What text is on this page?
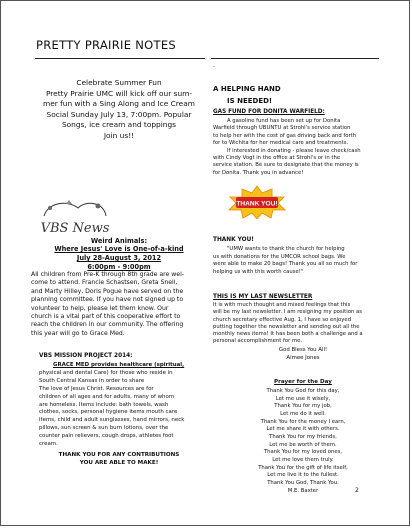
PRETTY PRAIRIE NOTES
Celebrate Summer Fun
Pretty Prairie UMC will kick off our sum-
mer fun with a Sing Along and Ice Cream
Social Sunday July 13, 7:00pm. Popular
Songs, ice cream and toppings
Join us!!
VBS News
Weird Animals:
Where Jesus' Love is One-of-a-kind
July 28-August 3, 2012
6:00pm - 9:00pm
All children from Pre-K through 8th grade are wel-
come to attend. Francie Schastsen, Greta Snell,
and Marty Hilley, Doris Pogue have served on the
planning committee. If you have not signed up to
volunteer to help, please let them know. Our
church is a vital part of this cooperative effort to
reach the children in our community. The offering
this year will go to Grace Med.
VBS MISSION PROJECT 2014:
GRACE MED provides healthcare (spiritual,
physical and dental Care) for those who reside in
South Central Kansas in order to share
The love of Jesus Christ. Resources are for
children of all ages and for adults, many of whom
are homeless. Items include: bath towels, wash
clothes, socks, personal hygiene items mouth care
items, child and adult sunglasses, hand mirrors, neck
pillows, sun screen & sun burn lotions, over the
counter pain relievers, cough drops, athletes foot
cream.
THANK YOU FOR ANY CONTRIBUTIONS
YOU ARE ABLE TO MAKE!
·
A HELPING HAND
IS NEEDED!
GAS FUND FOR DONITA WARFIELD:
A gasoline fund has been set up for Donita
Warfield through UBUNTU at Strohl's service station
to help her with the cost of gas driving back and forth
for to Wichita for her medical care and treatments.
If interested in donating - please leave check/cash
with Cindy Vogt in the office at Strohl's or in the
service station. Be sure to designate that the money is
for Donita. Thank you in advance!
THANK YOU!
THANK YOU!
"UMW wants to thank the church for helping
us with donations for the UMCOR school bags. We
were able to make 20 bags! Thank you all so much for
helping us with this worth cause!"
THIS IS MY LAST NEWSLETTER
It is with much thought and mixed feelings that this
will be my last newsletter. I am resigning my position as
church secretary effective Aug. 1, I have so enjoyed
putting together the newsletter and sending out all the
monthly news items! It has been both a challenge and a
personal accomplishment for me.
God Bless You All!
Aimee Jones
Prayer for the Day
Thank You God for this day,
Let me use it wisely,
Thank You for my job,
Let me do it well.
Thank You for the money I earn,
Let me share it with others.
Thank You for my friends,
Let me be worth of them.
Thank You for my loved ones,
Let me love them truly.
Thank You for the gift of life itself,
Let me live it to the fullest.
Thank You God, Thank You.
M.E. Baxter	2
